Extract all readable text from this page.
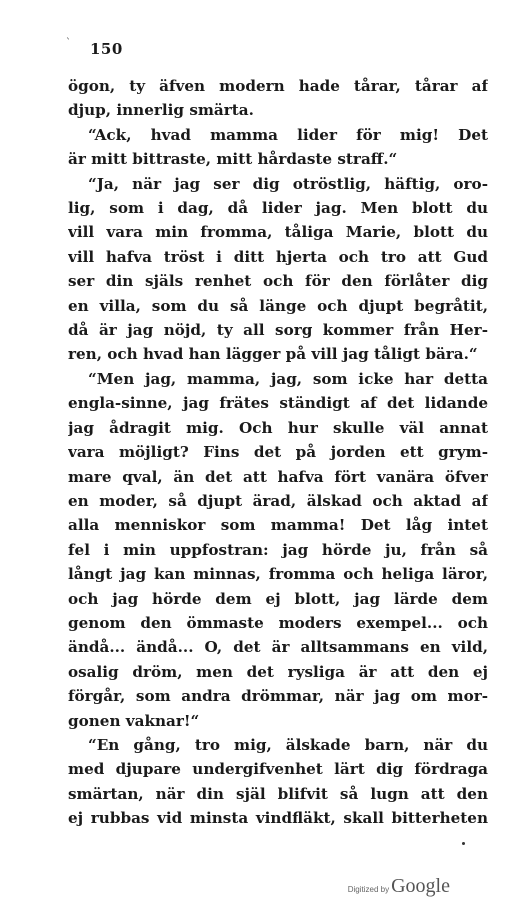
` 150
ögon, ty äfven modern hade tårar, tårar af
djup, innerlig smärta.
“Ack, hvad mamma lider för mig! Det
är mitt bittraste, mitt hårdaste straff.“
“Ja, när jag ser dig otröstlig, häftig, oro-
lig, som i dag, då lider jag. Men blott du
vill vara min fromma, tåliga Marie, blott du
vill hafva tröst i ditt hjerta och tro att Gud
ser din själs renhet och för den förlåter dig
en villa, som du så länge och djupt begråtit,
då är jag nöjd, ty all sorg kommer från Her-
ren, och hvad han lägger på vill jag tåligt bära.“
“Men jag, mamma, jag, som icke har detta
engla-sinne, jag frätes ständigt af det lidande
jag ådragit mig. Och hur skulle väl annat
vara möjligt? Fins det på jorden ett grym-
mare qval, än det att hafva fört vanära öfver
en moder, så djupt ärad, älskad och aktad af
alla menniskor som mamma! Det låg intet
fel i min uppfostran: jag hörde ju, från så
långt jag kan minnas, fromma och heliga läror,
och jag hörde dem ej blott, jag lärde dem
genom den ömmaste moders exempel... och
ändå... ändå... O, det är alltsammans en vild,
osalig dröm, men det rysliga är att den ej
förgår, som andra drömmar, när jag om mor-
gonen vaknar!“
“En gång, tro mig, älskade barn, när du
med djupare undergifvenhet lärt dig fördraga
smärtan, när din själ blifvit så lugn att den
ej rubbas vid minsta vindfläkt, skall bitterheten
Digitized by Google
